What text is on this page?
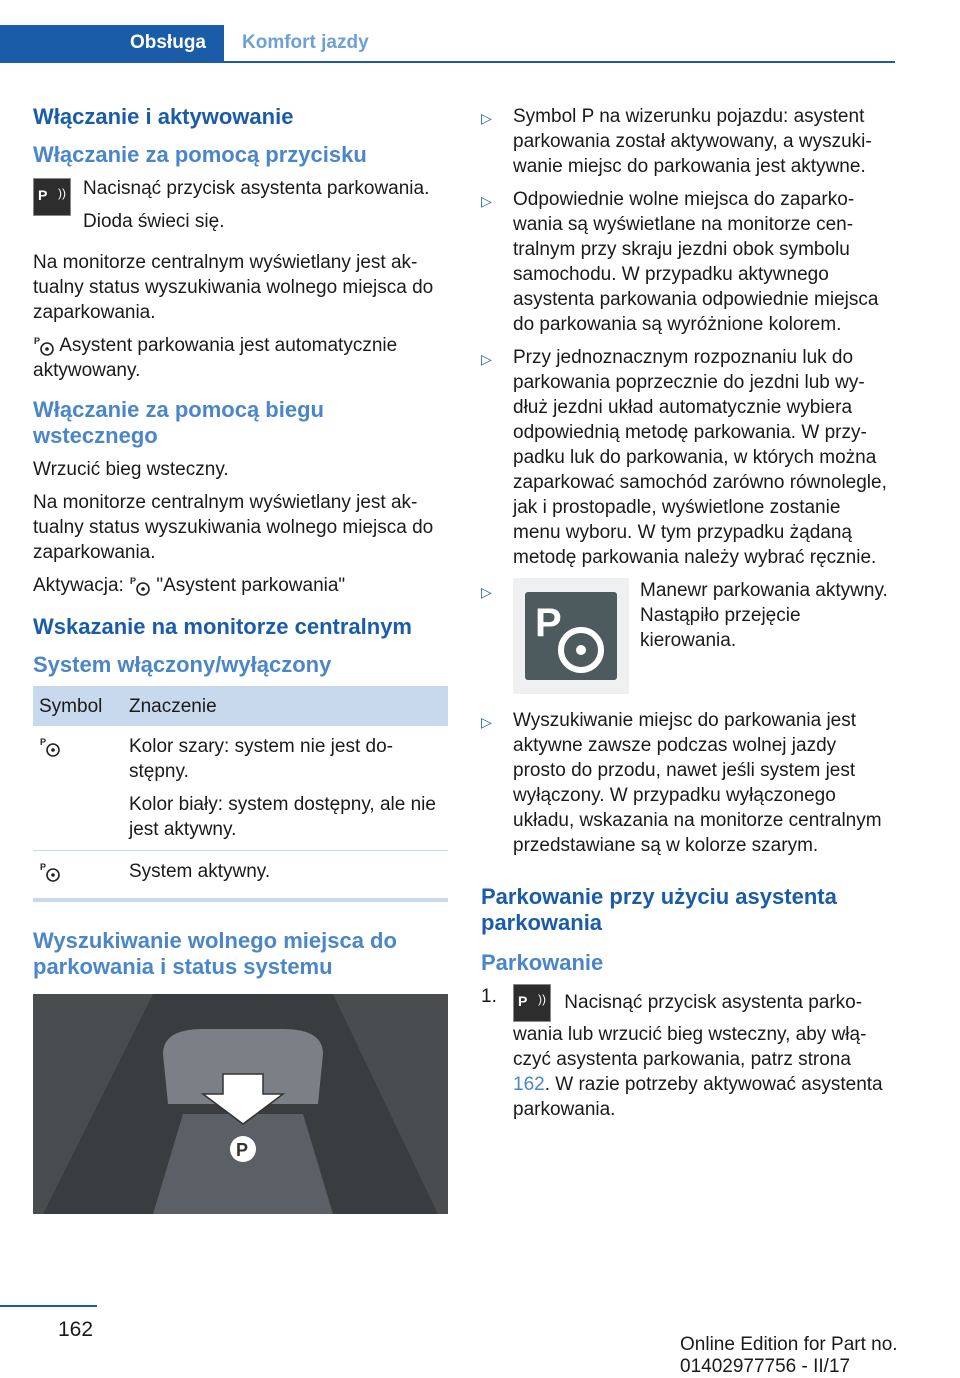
Obsługa	Komfort jazdy
Włączanie i aktywowanie
Włączanie za pomocą przycisku
P )) Nacisnąć przycisk asystenta parkowania.

Dioda świeci się.

Na monitorze centralnym wyświetlany jest aktualny status wyszukiwania wolnego miejsca do zaparkowania.

P Asystent parkowania jest automatycznie aktywowany.

Włączanie za pomocą biegu wstecznego

Wrzucić bieg wsteczny.

Na monitorze centralnym wyświetlany jest aktualny status wyszukiwania wolnego miejsca do zaparkowania.

Aktywacja: P "Asystent parkowania"

Wskazanie na monitorze centralnym
System włączony/wyłączony
Symbol	Znaczenie

P	Kolor szary: system nie jest dostępny.

Kolor biały: system dostępny, ale nie jest aktywny.

P	System aktywny.
Wyszukiwanie wolnego miejsca do parkowania i status systemu
P
▷	Symbol P na wizerunku pojazdu: asystent parkowania został aktywowany, a wyszukiwanie miejsc do parkowania jest aktywne.
▷	Odpowiednie wolne miejsca do zaparkowania są wyświetlane na monitorze centralnym przy skraju jezdni obok symbolu samochodu. W przypadku aktywnego asystenta parkowania odpowiednie miejsca do parkowania są wyróżnione kolorem.
▷	Przy jednoznacznym rozpoznaniu luk do parkowania poprzecznie do jezdni lub wydłuż jezdni układ automatycznie wybiera odpowiednią metodę parkowania. W przypadku luk do parkowania, w których można zaparkować samochód zarówno równolegle, jak i prostopadle, wyświetlone zostanie menu wyboru. W tym przypadku żądaną metodę parkowania należy wybrać ręcznie.
▷
P
Manewr parkowania aktywny. Nastąpiło przejęcie kierowania.
▷	Wyszukiwanie miejsc do parkowania jest aktywne zawsze podczas wolnej jazdy prosto do przodu, nawet jeśli system jest wyłączony. W przypadku wyłączonego układu, wskazania na monitorze centralnym przedstawiane są w kolorze szarym.
Parkowanie przy użyciu asystenta parkowania
Parkowanie
1.	P )) Nacisnąć przycisk asystenta parkowania lub wrzucić bieg wsteczny, aby włączyć asystenta parkowania, patrz strona 162. W razie potrzeby aktywować asystenta parkowania.
162
Online Edition for Part no. 01402977756 - II/17
